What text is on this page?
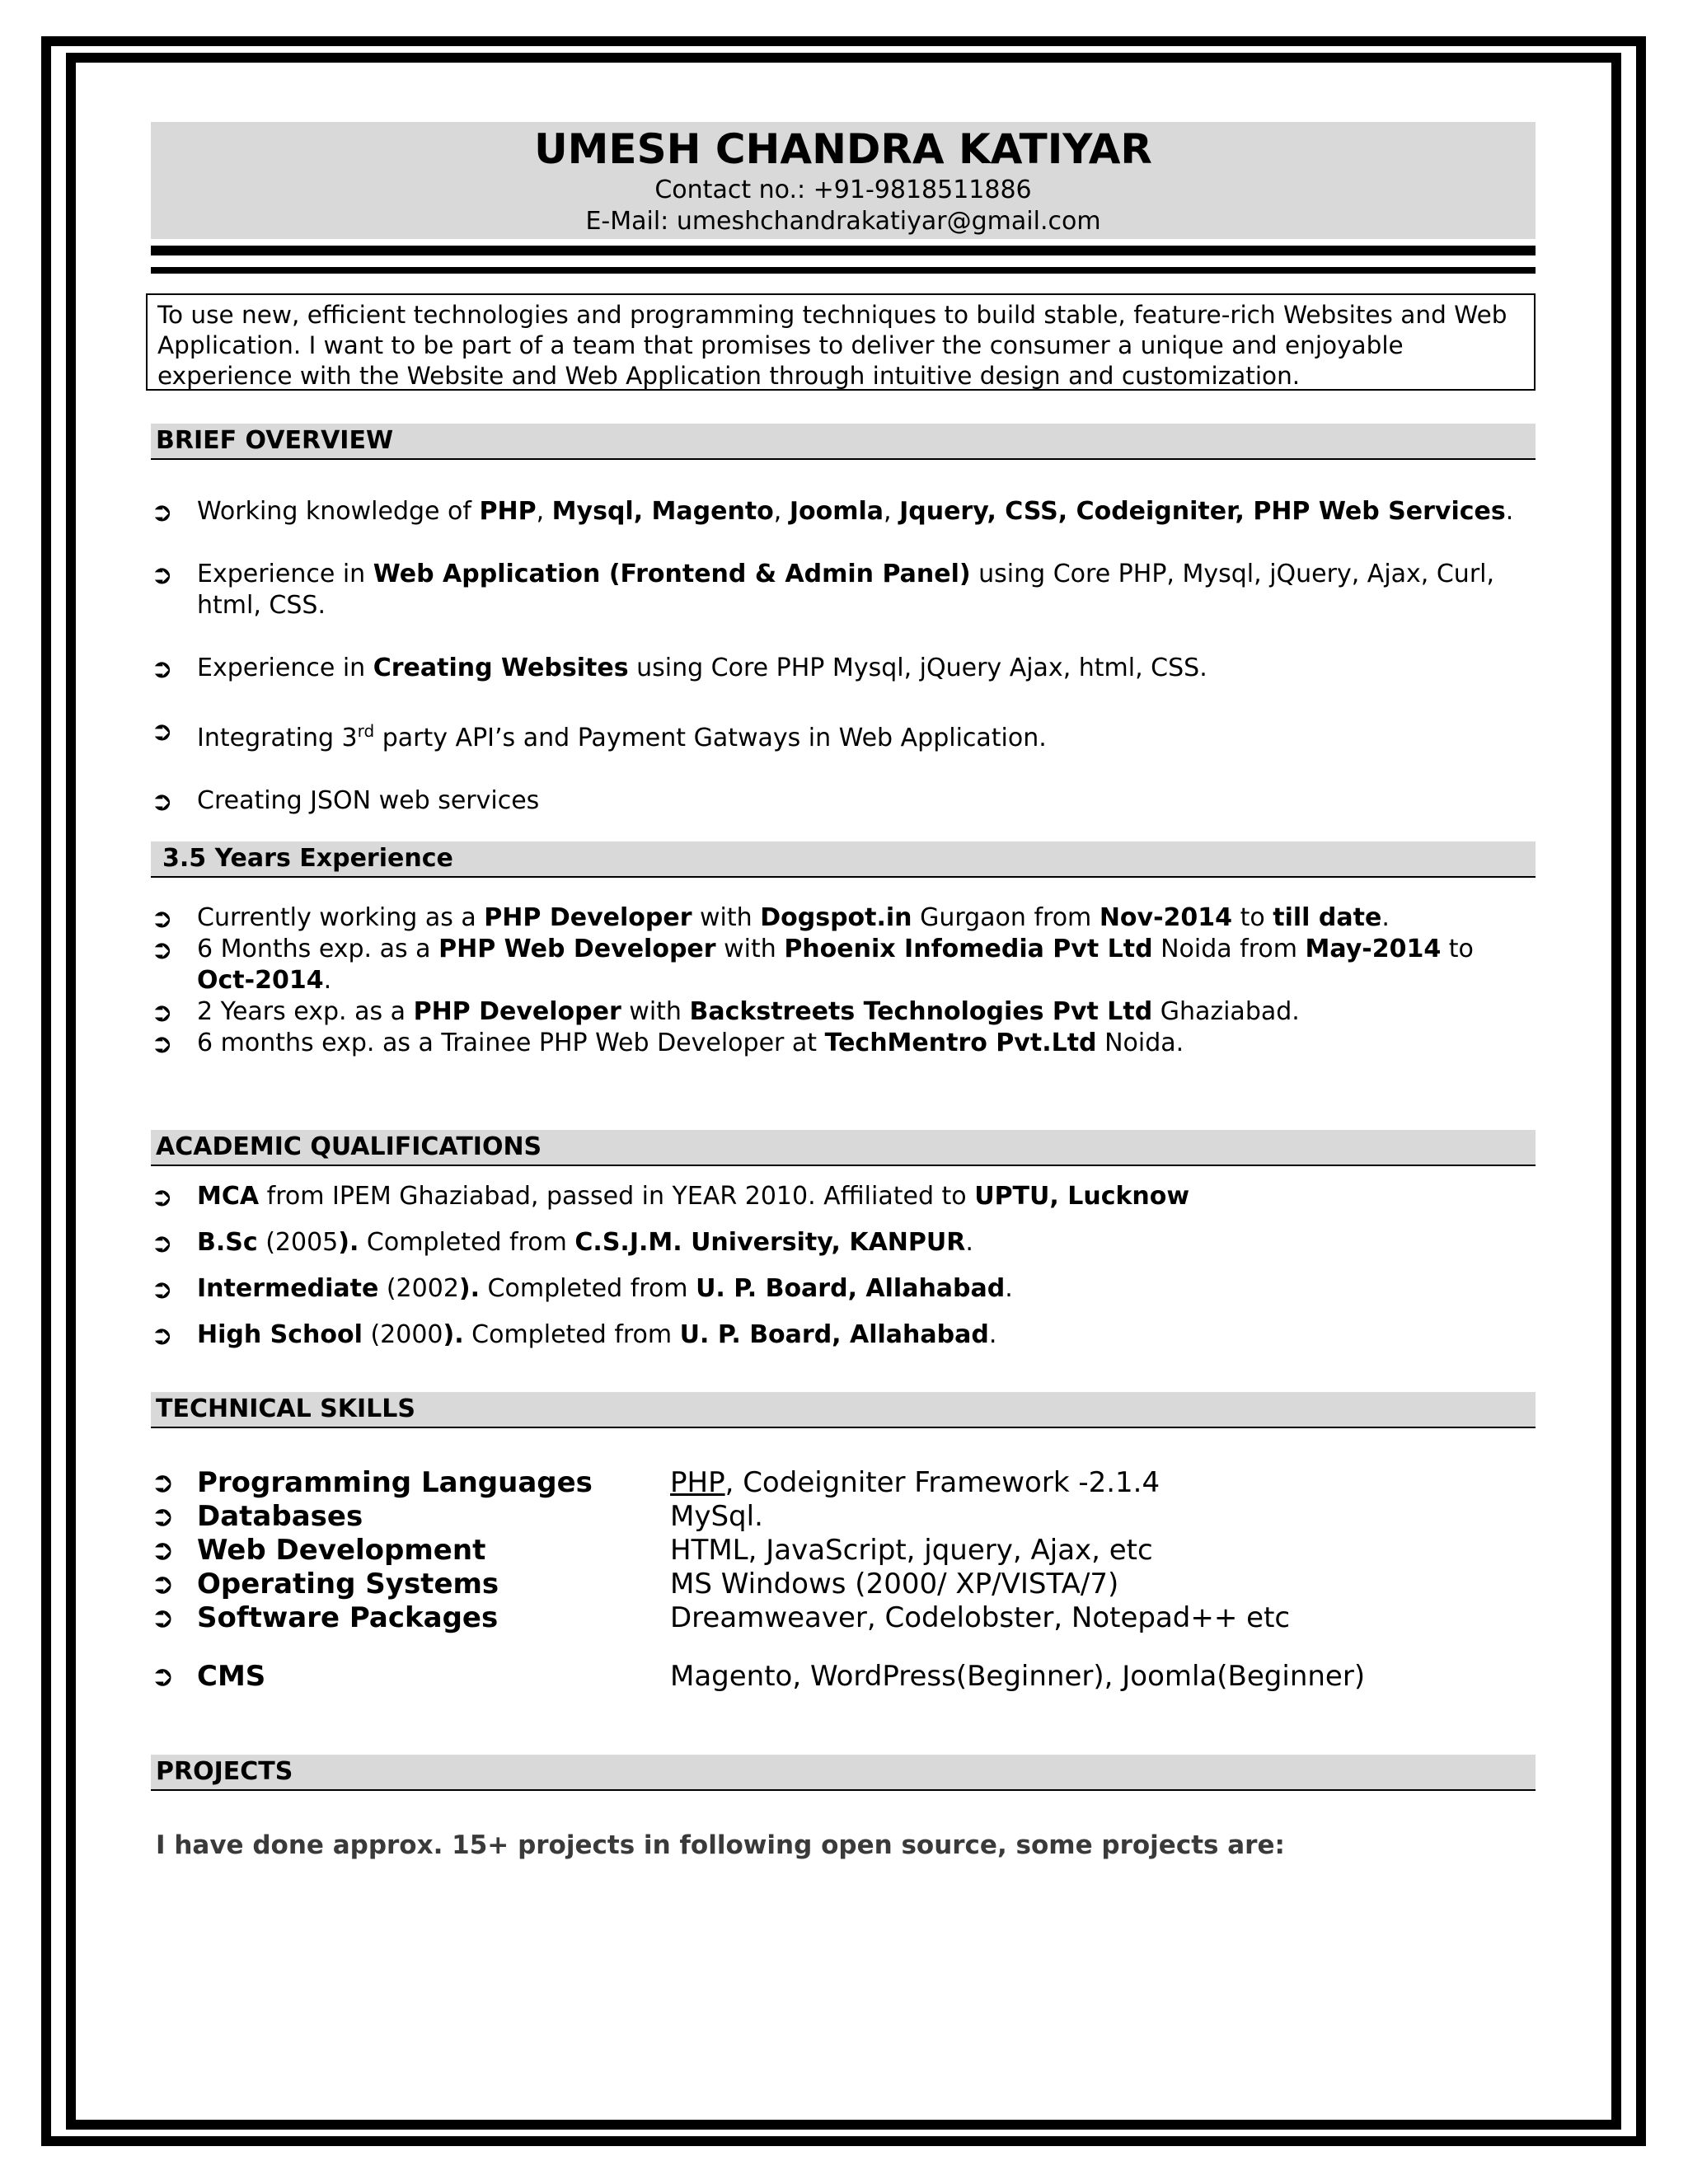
UMESH CHANDRA KATIYAR
Contact no.: +91-9818511886
E-Mail: umeshchandrakatiyar@gmail.com
To use new, efficient technologies and programming techniques to build stable, feature-rich Websites and Web Application. I want to be part of a team that promises to deliver the consumer a unique and enjoyable experience with the Website and Web Application through intuitive design and customization.
BRIEF OVERVIEW
➲ Working knowledge of PHP, Mysql, Magento, Joomla, Jquery, CSS, Codeigniter, PHP Web Services.
➲ Experience in Web Application (Frontend & Admin Panel) using Core PHP, Mysql, jQuery, Ajax, Curl, html, CSS.
➲ Experience in Creating Websites using Core PHP Mysql, jQuery Ajax, html, CSS.
➲ Integrating 3rd party API’s and Payment Gatways in Web Application.
➲ Creating JSON web services
3.5 Years Experience
➲ Currently working as a PHP Developer with Dogspot.in Gurgaon from Nov-2014 to till date.
➲ 6 Months exp. as a PHP Web Developer with Phoenix Infomedia Pvt Ltd Noida from May-2014 to Oct-2014.
➲ 2 Years exp. as a PHP Developer with Backstreets Technologies Pvt Ltd Ghaziabad.
➲ 6 months exp. as a Trainee PHP Web Developer at TechMentro Pvt.Ltd Noida.
ACADEMIC QUALIFICATIONS
➲ MCA from IPEM Ghaziabad, passed in YEAR 2010. Affiliated to UPTU, Lucknow
➲ B.Sc (2005). Completed from C.S.J.M. University, KANPUR.
➲ Intermediate (2002). Completed from U. P. Board, Allahabad.
➲ High School (2000). Completed from U. P. Board, Allahabad.
TECHNICAL SKILLS
➲ Programming Languages	PHP, Codeigniter Framework -2.1.4
➲ Databases	MySql.
➲ Web Development	HTML, JavaScript, jquery, Ajax, etc
➲ Operating Systems	MS Windows (2000/ XP/VISTA/7)
➲ Software Packages	Dreamweaver, Codelobster, Notepad++ etc
➲ CMS	Magento, WordPress(Beginner), Joomla(Beginner)
PROJECTS
I have done approx. 15+ projects in following open source, some projects are:
